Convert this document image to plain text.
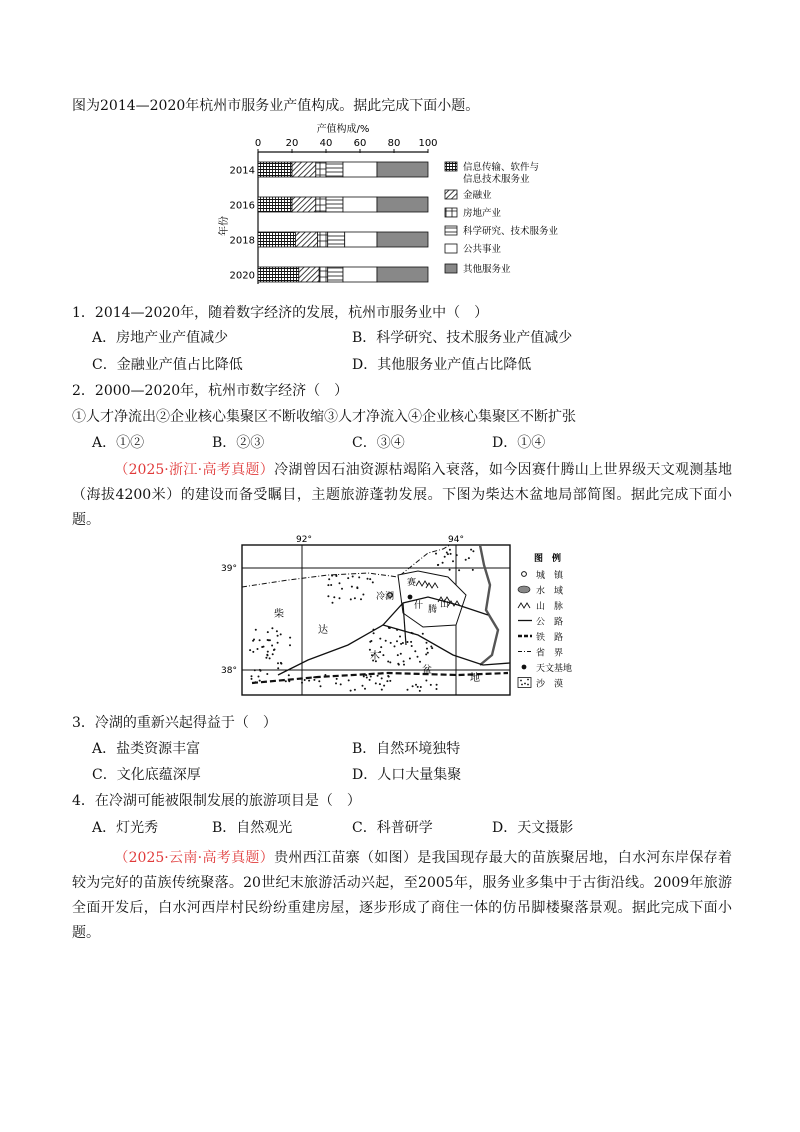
图为2014—2020年杭州市服务业产值构成。据此完成下面小题。
产值构成/%
0 20 40 60 80 100
年份
2014
2016
2018
2020
信息传输、软件与
信息技术服务业
金融业
房地产业
科学研究、技术服务业
公共事业
其他服务业
1．2014—2020年，随着数字经济的发展，杭州市服务业中（　）
A．房地产业产值减少	B．科学研究、技术服务业产值减少
C．金融业产值占比降低	D．其他服务业产值占比降低
2．2000—2020年，杭州市数字经济（　）
①人才净流出②企业核心集聚区不断收缩③人才净流入④企业核心集聚区不断扩张
A．①②	B．②③	C．③④	D．①④
（2025·浙江·高考真题）冷湖曾因石油资源枯竭陷入衰落，如今因赛什腾山上世界级天文观测基地（海拔4200米）的建设而备受瞩目，主题旅游蓬勃发展。下图为柴达木盆地局部简图。据此完成下面小题。
92°	94°
39°
38°
冷湖
赛
什 腾 山
柴
达
木
盆
地
图　例
城　镇
水　域
山　脉
公　路
铁　路
省　界
天文基地
沙　漠
3．冷湖的重新兴起得益于（　）
A．盐类资源丰富	B．自然环境独特
C．文化底蕴深厚	D．人口大量集聚
4．在冷湖可能被限制发展的旅游项目是（　）
A．灯光秀	B．自然观光	C．科普研学	D．天文摄影
（2025·云南·高考真题）贵州西江苗寨（如图）是我国现存最大的苗族聚居地，白水河东岸保存着较为完好的苗族传统聚落。20世纪末旅游活动兴起，至2005年，服务业多集中于古街沿线。2009年旅游全面开发后，白水河西岸村民纷纷重建房屋，逐步形成了商住一体的仿吊脚楼聚落景观。据此完成下面小题。
